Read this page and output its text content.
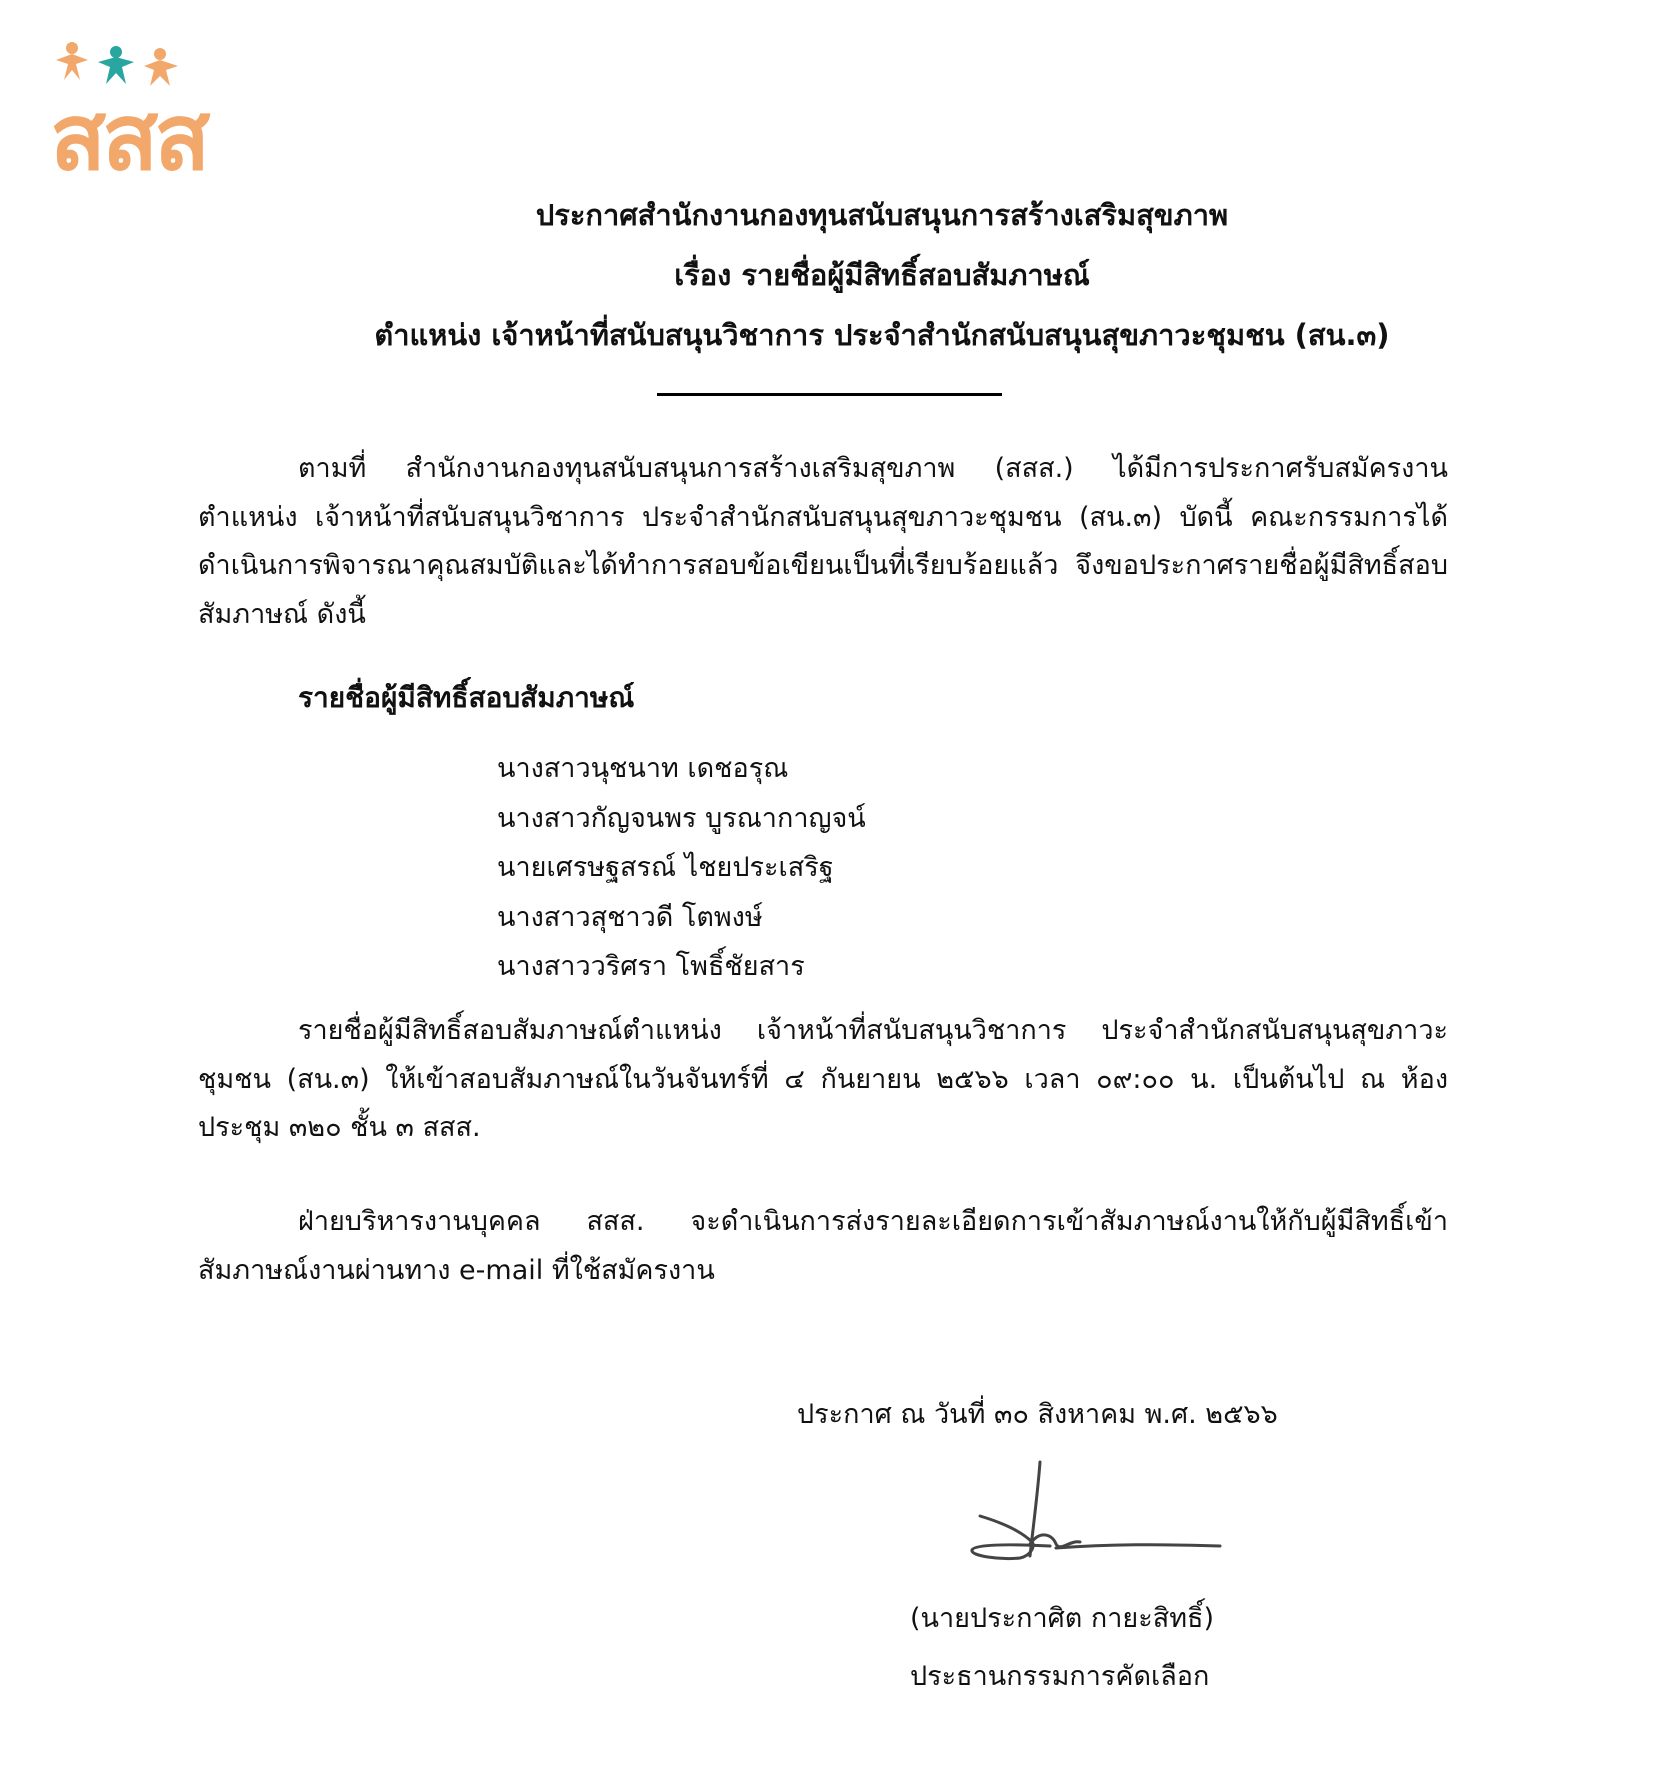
สสส
ประกาศสำนักงานกองทุนสนับสนุนการสร้างเสริมสุขภาพ
เรื่อง รายชื่อผู้มีสิทธิ์สอบสัมภาษณ์
ตำแหน่ง เจ้าหน้าที่สนับสนุนวิชาการ ประจำสำนักสนับสนุนสุขภาวะชุมชน (สน.๓)
ตามที่ สำนักงานกองทุนสนับสนุนการสร้างเสริมสุขภาพ (สสส.) ได้มีการประกาศรับสมัครงาน ตำแหน่ง เจ้าหน้าที่สนับสนุนวิชาการ ประจำสำนักสนับสนุนสุขภาวะชุมชน (สน.๓) บัดนี้ คณะกรรมการได้ดำเนินการพิจารณาคุณสมบัติและได้ทำการสอบข้อเขียนเป็นที่เรียบร้อยแล้ว จึงขอประกาศรายชื่อผู้มีสิทธิ์สอบสัมภาษณ์ ดังนี้
รายชื่อผู้มีสิทธิ์สอบสัมภาษณ์
นางสาวนุชนาท เดชอรุณ
นางสาวกัญจนพร บูรณากาญจน์
นายเศรษฐสรณ์ ไชยประเสริฐ
นางสาวสุชาวดี โตพงษ์
นางสาววริศรา โพธิ์ชัยสาร
รายชื่อผู้มีสิทธิ์สอบสัมภาษณ์ตำแหน่ง เจ้าหน้าที่สนับสนุนวิชาการ ประจำสำนักสนับสนุนสุขภาวะชุมชน (สน.๓) ให้เข้าสอบสัมภาษณ์ในวันจันทร์ที่ ๔ กันยายน ๒๕๖๖ เวลา ๐๙:๐๐ น. เป็นต้นไป ณ ห้องประชุม ๓๒๐ ชั้น ๓ สสส.
ฝ่ายบริหารงานบุคคล สสส. จะดำเนินการส่งรายละเอียดการเข้าสัมภาษณ์งานให้กับผู้มีสิทธิ์เข้าสัมภาษณ์งานผ่านทาง e-mail ที่ใช้สมัครงาน
ประกาศ ณ วันที่ ๓๐ สิงหาคม พ.ศ. ๒๕๖๖
(นายประกาศิต กายะสิทธิ์)
ประธานกรรมการคัดเลือก
